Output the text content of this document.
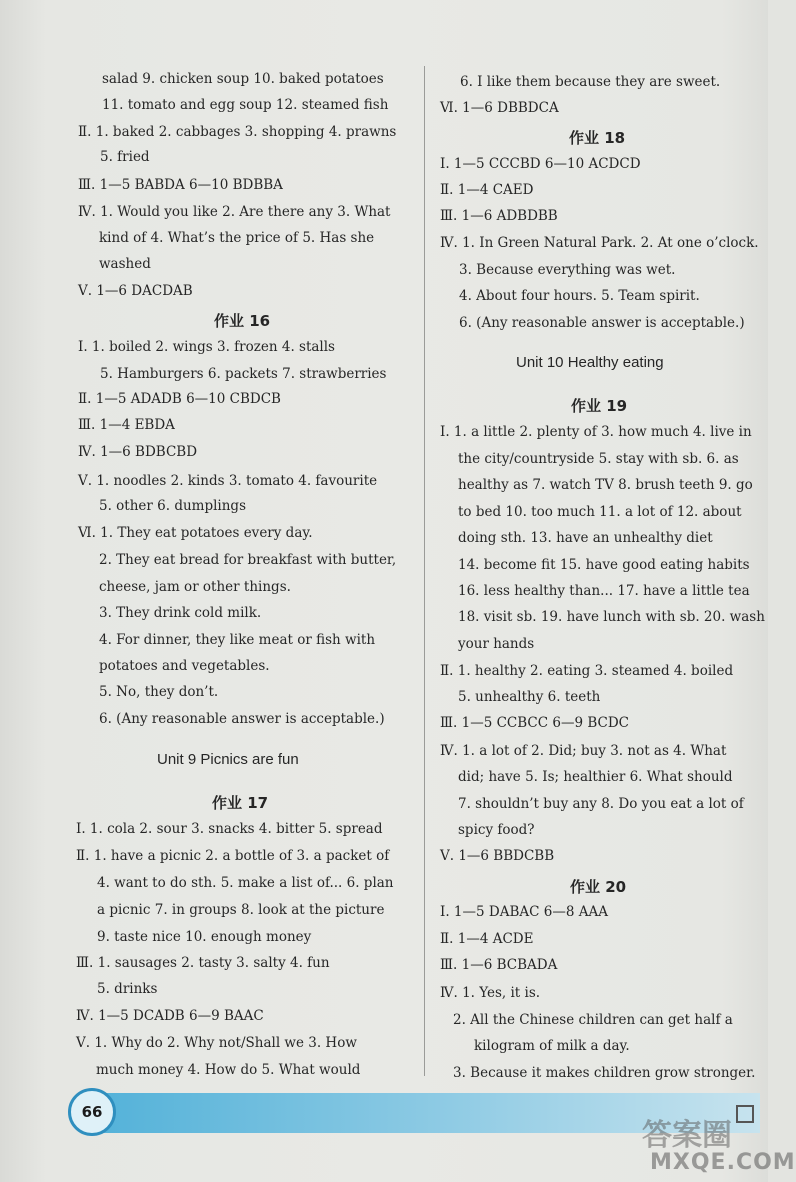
salad 9. chicken soup 10. baked potatoes
11. tomato and egg soup 12. steamed fish
Ⅱ. 1. baked 2. cabbages 3. shopping 4. prawns
5. fried
Ⅲ. 1—5 BABDA 6—10 BDBBA
Ⅳ. 1. Would you like 2. Are there any 3. What
kind of 4. What’s the price of 5. Has she
washed
Ⅴ. 1—6 DACDAB
作业 16
Ⅰ. 1. boiled 2. wings 3. frozen 4. stalls
5. Hamburgers 6. packets 7. strawberries
Ⅱ. 1—5 ADADB 6—10 CBDCB
Ⅲ. 1—4 EBDA
Ⅳ. 1—6 BDBCBD
Ⅴ. 1. noodles 2. kinds 3. tomato 4. favourite
5. other 6. dumplings
Ⅵ. 1. They eat potatoes every day.
2. They eat bread for breakfast with butter,
cheese, jam or other things.
3. They drink cold milk.
4. For dinner, they like meat or fish with
potatoes and vegetables.
5. No, they don’t.
6. (Any reasonable answer is acceptable.)
Unit 9 Picnics are fun
作业 17
Ⅰ. 1. cola 2. sour 3. snacks 4. bitter 5. spread
Ⅱ. 1. have a picnic 2. a bottle of 3. a packet of
4. want to do sth. 5. make a list of... 6. plan
a picnic 7. in groups 8. look at the picture
9. taste nice 10. enough money
Ⅲ. 1. sausages 2. tasty 3. salty 4. fun
5. drinks
Ⅳ. 1—5 DCADB 6—9 BAAC
Ⅴ. 1. Why do 2. Why not/Shall we 3. How
much money 4. How do 5. What would
6. I like them because they are sweet.
Ⅵ. 1—6 DBBDCA
作业 18
Ⅰ. 1—5 CCCBD 6—10 ACDCD
Ⅱ. 1—4 CAED
Ⅲ. 1—6 ADBDBB
Ⅳ. 1. In Green Natural Park. 2. At one o’clock.
3. Because everything was wet.
4. About four hours. 5. Team spirit.
6. (Any reasonable answer is acceptable.)
Unit 10 Healthy eating
作业 19
Ⅰ. 1. a little 2. plenty of 3. how much 4. live in
the city/countryside 5. stay with sb. 6. as
healthy as 7. watch TV 8. brush teeth 9. go
to bed 10. too much 11. a lot of 12. about
doing sth. 13. have an unhealthy diet
14. become fit 15. have good eating habits
16. less healthy than... 17. have a little tea
18. visit sb. 19. have lunch with sb. 20. wash
your hands
Ⅱ. 1. healthy 2. eating 3. steamed 4. boiled
5. unhealthy 6. teeth
Ⅲ. 1—5 CCBCC 6—9 BCDC
Ⅳ. 1. a lot of 2. Did; buy 3. not as 4. What
did; have 5. Is; healthier 6. What should
7. shouldn’t buy any 8. Do you eat a lot of
spicy food?
Ⅴ. 1—6 BBDCBB
作业 20
Ⅰ. 1—5 DABAC 6—8 AAA
Ⅱ. 1—4 ACDE
Ⅲ. 1—6 BCBADA
Ⅳ. 1. Yes, it is.
2. All the Chinese children can get half a
kilogram of milk a day.
3. Because it makes children grow stronger.
66
答案圈
MXQE.COM
